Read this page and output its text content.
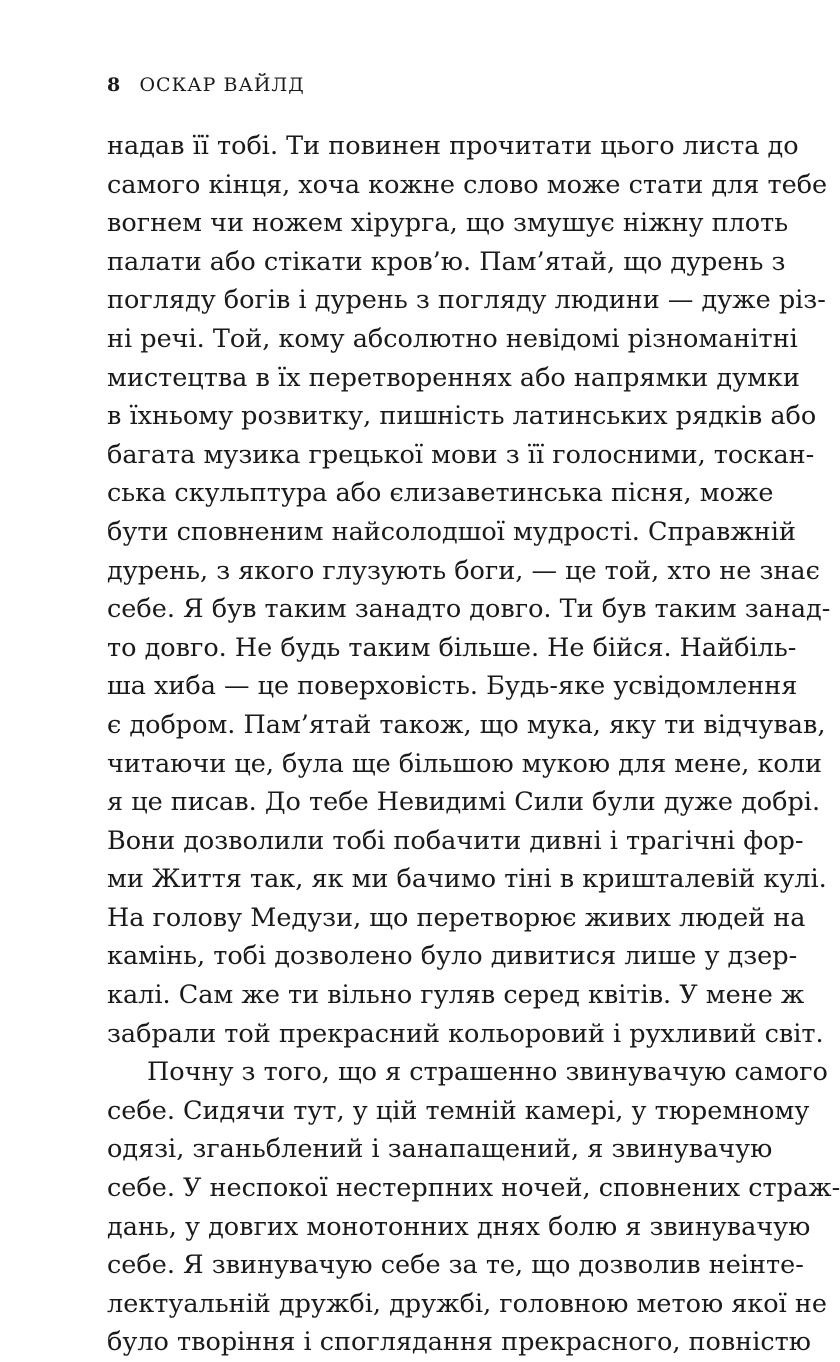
8 ОСКАР ВАЙЛД
надав її тобі. Ти повинен прочитати цього листа до
самого кінця, хоча кожне слово може стати для тебе
вогнем чи ножем хірурга, що змушує ніжну плоть
палати або стікати кров’ю. Пам’ятай, що дурень з
погляду богів і дурень з погляду людини — дуже різ-
ні речі. Той, кому абсолютно невідомі різноманітні
мистецтва в їх перетвореннях або напрямки думки
в їхньому розвитку, пишність латинських рядків або
багата музика грецької мови з її голосними, тоскан-
ська скульптура або єлизаветинська пісня, може
бути сповненим найсолодшої мудрості. Справжній
дурень, з якого глузують боги, — це той, хто не знає
себе. Я був таким занадто довго. Ти був таким занад-
то довго. Не будь таким більше. Не бійся. Найбіль-
ша хиба — це поверховість. Будь-яке усвідомлення
є добром. Пам’ятай також, що мука, яку ти відчував,
читаючи це, була ще більшою мукою для мене, коли
я це писав. До тебе Невидимі Сили були дуже добрі.
Вони дозволили тобі побачити дивні і трагічні фор-
ми Життя так, як ми бачимо тіні в кришталевій кулі.
На голову Медузи, що перетворює живих людей на
камінь, тобі дозволено було дивитися лише у дзер-
калі. Сам же ти вільно гуляв серед квітів. У мене ж
забрали той прекрасний кольоровий і рухливий світ.
Почну з того, що я страшенно звинувачую самого
себе. Сидячи тут, у цій темній камері, у тюремному
одязі, зганьблений і занапащений, я звинувачую
себе. У неспокої нестерпних ночей, сповнених страж-
дань, у довгих монотонних днях болю я звинувачую
себе. Я звинувачую себе за те, що дозволив неінте-
лектуальній дружбі, дружбі, головною метою якої не
було творіння і споглядання прекрасного, повністю
